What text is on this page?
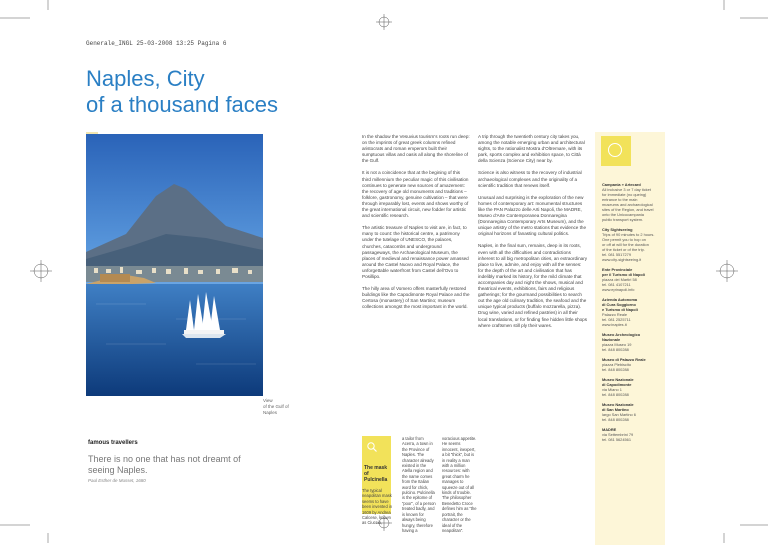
Generale_INGL 25-03-2008 13:25 Pagina 6
Naples, City
of a thousand faces
View
of the Gulf of Naples

In the shadow the Vesuvius tourism’s roots run deep: on the imprints of great greek columns refined aristocrats and roman emperors built their sumptuous villas and oasis all along the shoreline of the Gulf.

It is not a coincidence that at the begining of this third millennium the peculiar magic of this civilisation continues to generate new sources of amazement: the recovery of age old monuments and traditions – folklore, gastronomy, genuine cultivation – that were through irreparably lost, events and shows worthy of the great international circuit, new fodder for artistic and scientific research.

The artistic treasure of Naples to visit are, in fact, to many to count: the historical centre, a patrimony under the tutelage of UNESCO, the palaces, churches, catacombs and underground passageways, the Archaeological Museum, the places of medieval and renaissance power amassed around the Castel Nuovo and Royal Palace, the unforgettable waterfront from Castel dell’Ovo to Posillipo.

The hilly area of Vomero offers masterfully restored buildings like the Capodimonte Royal Palace and the Certosa (monastery) of San Martino; museum collections amongst the most important in the world.

A trip through the twentieth century city takes you, among the notable emerging urban and architectural sights, to the rationalist Mostra d’Oltremare, with its park, sports complex and exhibition space, to Città della Scienza (Science City) near by.

Science is also witness to the recovery of industrial archaeological complexes and the originality of a scientific tradition that renews itself.

Unusual and surprising is the exploration of the new homes of contemporary art: monumental structures like the PAN Palazzo delle Arti Napoli, the MADRE, Museo d’Arte Contemporanea Donnaregina (Donnaregina Contemporary Arts Museum), and the unique artistry of the metro stations that evidence the original horizons of fanasting cultural politics.

Naples, in the final sum, remains, deep in its roots, even with all the difficulties and contradictions inherent to all big metropolitan cities, an extraordinary place to live, admire, and enjoy with all the senses: for the depth of the art and civilisation that has indelibly marked its history, for the mild climate that accompanies day and night the shows, musical and theatrical events, exhibitions, fairs and religious gatherings; for the gourmand possibilities to search out the age old culinary tradition, the seafood and the unique typical products (buffalo mozzarella, pizza). Drug wine, varied and refined pastries) in all their local translations, or for finding fine hidden little shops where craftsmen still ply their wares.

Campania » Artecard
All inclusive 3 or 7 day ticket
for immediate (no queing)
entrance to the main
museums and archaeological
sites of the Region, and travel
onto the Unicocampania
public transport system.
City Sightseeing
Trips of 90 minutes to 2 hours.
One permit you to hop on
or off at will for the duration
of the ticket or of the trip.
tel. 081 5517279
www.city-sightseeing.it
Ente Provinciale
per il Turismo di Napoli
piazza dei Martiri 58
tel. 081 4107211
www.eptnapoli.info
Azienda Autonoma
di Cura Soggiorno
e Turismo di Napoli
Palazzo Reale
tel. 081 2525711
www.inaples.it
Museo Archeologico
Nazionale
piazza Museo 19
tel. 848 800288
Museo di Palazzo Reale
piazza Plebiscito
tel. 848 800288
Museo Nazionale
di Capodimonte
via Miano 1
tel. 848 800288
Museo Nazionale
di San Martino
largo San Martino 6
tel. 848 800288
MADRE
via Settembrini 79
tel. 081 5624561
famous travellers
There is no one that has not dreamt of seeing Naples.
Paul Esther de Musset, 1680
The mask
of Pulcinella
The typical neapolitan mask seems to have been invented in 1609 by Andrea Calcese, known as Ciuccio,
a tailor from Acerra, a town in the Province of Naples. The character already existed in the Atella region and the name comes from the Italian word for chick, pulcino. Pulcinella is the epitome of “poor”, of a person treated badly, and is known for always being hungry, therefore having a
voracious appetite. He seems innocent, inexpert, a bit “thick”, but is in reality a man with a million resources: with great charm he manages to squeeze out of all kinds of trouble. The philosopher Benedetto Croce defines him as “the portrait, the character or the ideal of the neapolitan”.
